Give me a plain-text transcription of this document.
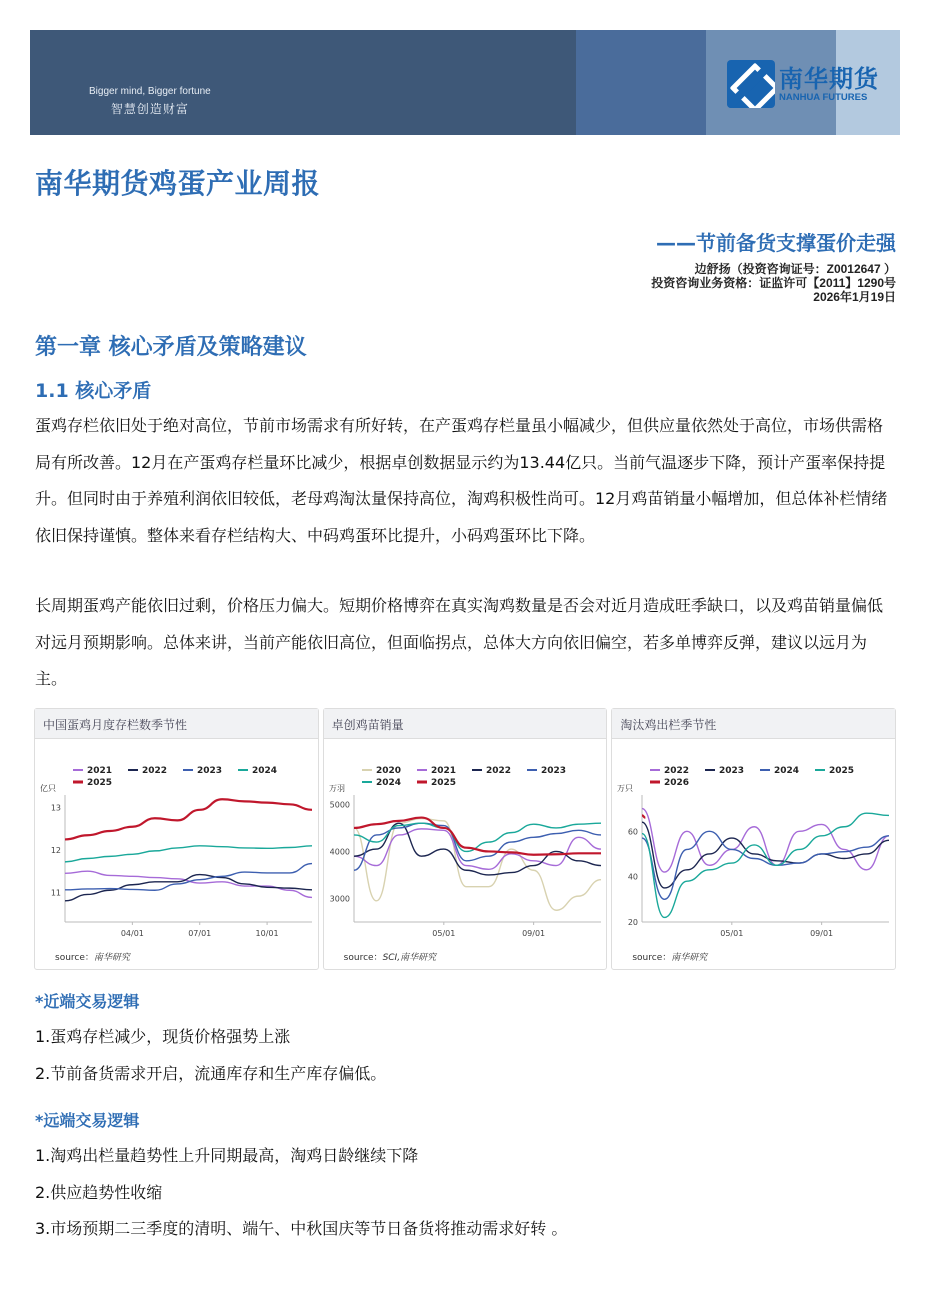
Bigger mind, Bigger fortune
智慧创造财富
南华期货
NANHUA FUTURES
南华期货鸡蛋产业周报
——节前备货支撑蛋价走强
边舒扬（投资咨询证号：Z0012647 ）
投资咨询业务资格：证监许可【2011】1290号
2026年1月19日
第一章 核心矛盾及策略建议
1.1 核心矛盾
蛋鸡存栏依旧处于绝对高位，节前市场需求有所好转，在产蛋鸡存栏量虽小幅减少，但供应量依然处于高位，市场供需格局有所改善。12月在产蛋鸡存栏量环比减少，根据卓创数据显示约为13.44亿只。当前气温逐步下降，预计产蛋率保持提升。但同时由于养殖利润依旧较低，老母鸡淘汰量保持高位，淘鸡积极性尚可。12月鸡苗销量小幅增加，但总体补栏情绪依旧保持谨慎。整体来看存栏结构大、中码鸡蛋环比提升，小码鸡蛋环比下降。
长周期蛋鸡产能依旧过剩，价格压力偏大。短期价格博弈在真实淘鸡数量是否会对近月造成旺季缺口，以及鸡苗销量偏低对远月预期影响。总体来讲，当前产能依旧高位，但面临拐点，总体大方向依旧偏空，若多单博弈反弹，建议以远月为主。
中国蛋鸡月度存栏数季节性
2021	2022	2023	2024
2025
亿只
11
12
13
04/01	07/01	10/01
source：南华研究
卓创鸡苗销量
2020	2021	2022	2023
2024	2025
万羽
3000
4000
5000
05/01	09/01
source：SCI,南华研究
淘汰鸡出栏季节性
2022	2023	2024	2025
2026
万只
20
40
60
05/01	09/01
source：南华研究
*近端交易逻辑
1.蛋鸡存栏减少，现货价格强势上涨
2.节前备货需求开启，流通库存和生产库存偏低。
*远端交易逻辑
1.淘鸡出栏量趋势性上升同期最高，淘鸡日龄继续下降
2.供应趋势性收缩
3.市场预期二三季度的清明、端午、中秋国庆等节日备货将推动需求好转 。
